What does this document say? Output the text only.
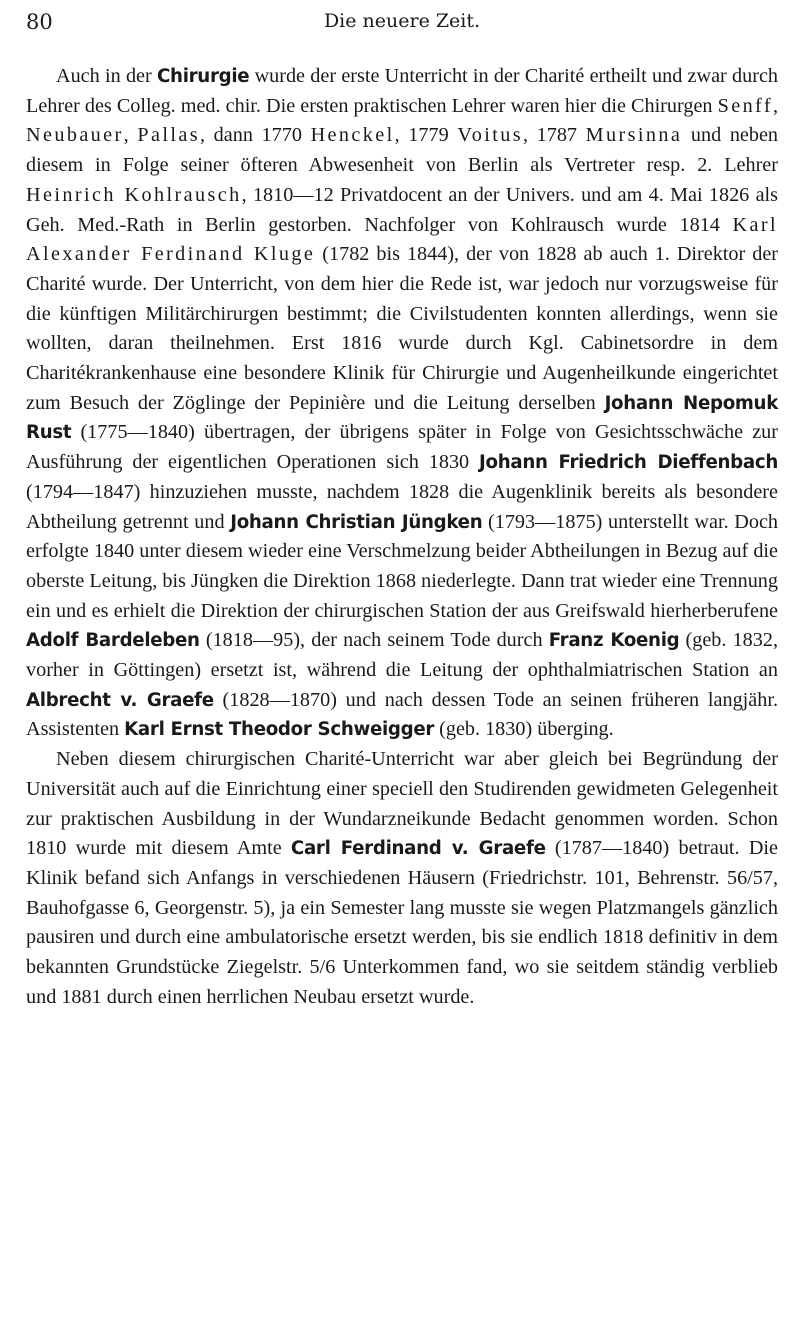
80	Die neuere Zeit.

Auch in der Chirurgie wurde der erste Unterricht in der Charité ertheilt und zwar durch Lehrer des Colleg. med. chir. Die ersten praktischen Lehrer waren hier die Chirurgen Senff, Neubauer, Pallas, dann 1770 Henckel, 1779 Voitus, 1787 Mursinna und neben diesem in Folge seiner öfteren Abwesenheit von Berlin als Vertreter resp. 2. Lehrer Heinrich Kohlrausch, 1810—12 Privatdocent an der Univers. und am 4. Mai 1826 als Geh. Med.-Rath in Berlin gestorben. Nachfolger von Kohlrausch wurde 1814 Karl Alexander Ferdinand Kluge (1782 bis 1844), der von 1828 ab auch 1. Direktor der Charité wurde. Der Unterricht, von dem hier die Rede ist, war jedoch nur vorzugsweise für die künftigen Militärchirurgen bestimmt; die Civilstudenten konnten allerdings, wenn sie wollten, daran theilnehmen. Erst 1816 wurde durch Kgl. Cabinetsordre in dem Charitékrankenhause eine besondere Klinik für Chirurgie und Augenheilkunde eingerichtet zum Besuch der Zöglinge der Pepinière und die Leitung derselben Johann Nepomuk Rust (1775—1840) übertragen, der übrigens später in Folge von Gesichtsschwäche zur Ausführung der eigentlichen Operationen sich 1830 Johann Friedrich Dieffenbach (1794—1847) hinzuziehen musste, nachdem 1828 die Augenklinik bereits als besondere Abtheilung getrennt und Johann Christian Jüngken (1793—1875) unterstellt war. Doch erfolgte 1840 unter diesem wieder eine Verschmelzung beider Abtheilungen in Bezug auf die oberste Leitung, bis Jüngken die Direktion 1868 niederlegte. Dann trat wieder eine Trennung ein und es erhielt die Direktion der chirurgischen Station der aus Greifswald hierherberufene Adolf Bardeleben (1818—95), der nach seinem Tode durch Franz Koenig (geb. 1832, vorher in Göttingen) ersetzt ist, während die Leitung der ophthalmiatrischen Station an Albrecht v. Graefe (1828—1870) und nach dessen Tode an seinen früheren langjähr. Assistenten Karl Ernst Theodor Schweigger (geb. 1830) überging.

Neben diesem chirurgischen Charité-Unterricht war aber gleich bei Begründung der Universität auch auf die Einrichtung einer speciell den Studirenden gewidmeten Gelegenheit zur praktischen Ausbildung in der Wundarzneikunde Bedacht genommen worden. Schon 1810 wurde mit diesem Amte Carl Ferdinand v. Graefe (1787—1840) betraut. Die Klinik befand sich Anfangs in verschiedenen Häusern (Friedrichstr. 101, Behrenstr. 56/57, Bauhofgasse 6, Georgenstr. 5), ja ein Semester lang musste sie wegen Platzmangels gänzlich pausiren und durch eine ambulatorische ersetzt werden, bis sie endlich 1818 definitiv in dem bekannten Grundstücke Ziegelstr. 5/6 Unterkommen fand, wo sie seitdem ständig verblieb und 1881 durch einen herrlichen Neubau ersetzt wurde.
